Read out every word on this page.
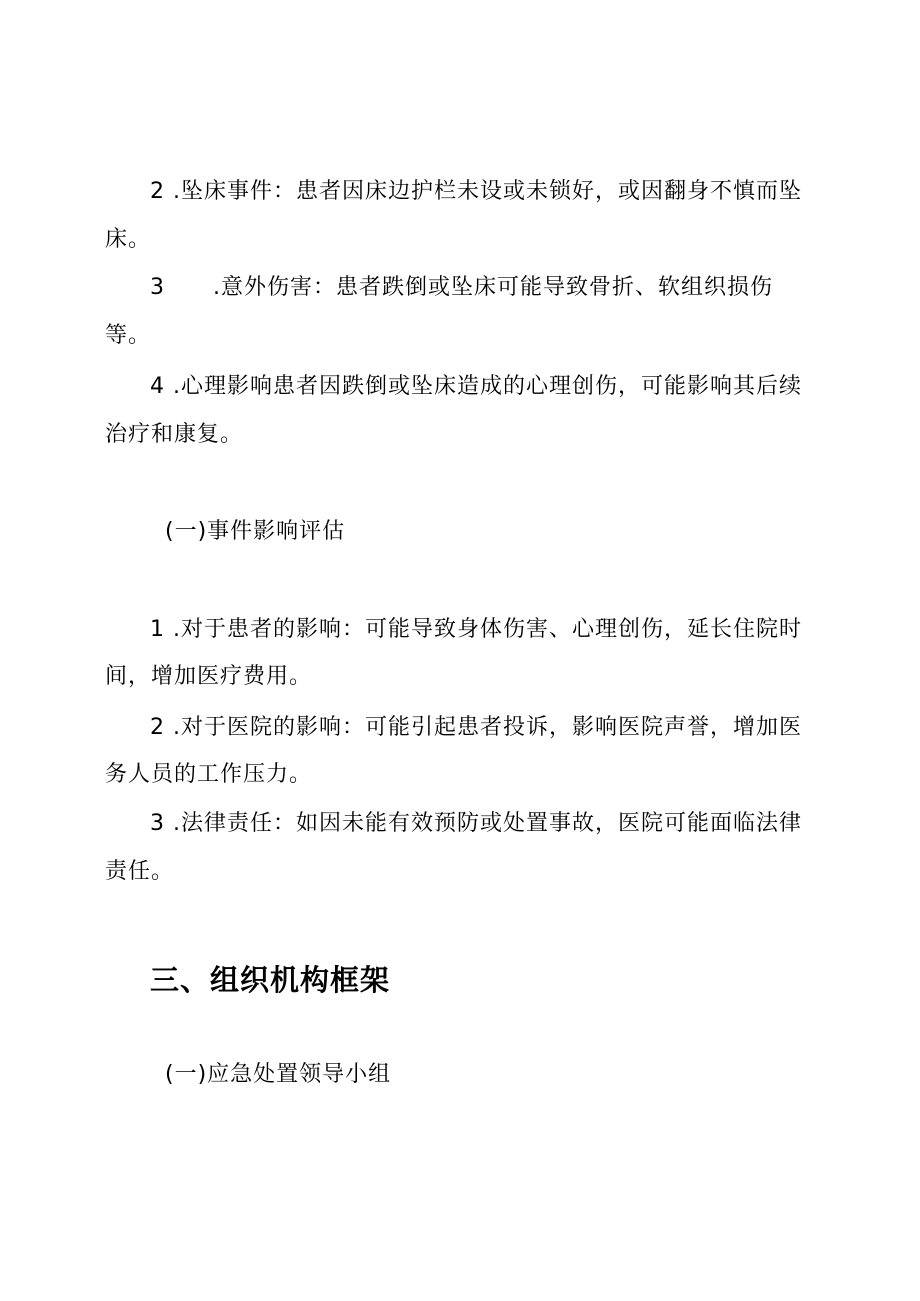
2 .坠床事件：患者因床边护栏未设或未锁好，或因翻身不慎而坠
床。
3      .意外伤害：患者跌倒或坠床可能导致骨折、软组织损伤
等。
4 .心理影响患者因跌倒或坠床造成的心理创伤，可能影响其后续
治疗和康复。
(一)事件影响评估
1 .对于患者的影响：可能导致身体伤害、心理创伤，延长住院时
间，增加医疗费用。
2 .对于医院的影响：可能引起患者投诉，影响医院声誉，增加医
务人员的工作压力。
3 .法律责任：如因未能有效预防或处置事故，医院可能面临法律
责任。
三、组织机构框架
(一)应急处置领导小组
